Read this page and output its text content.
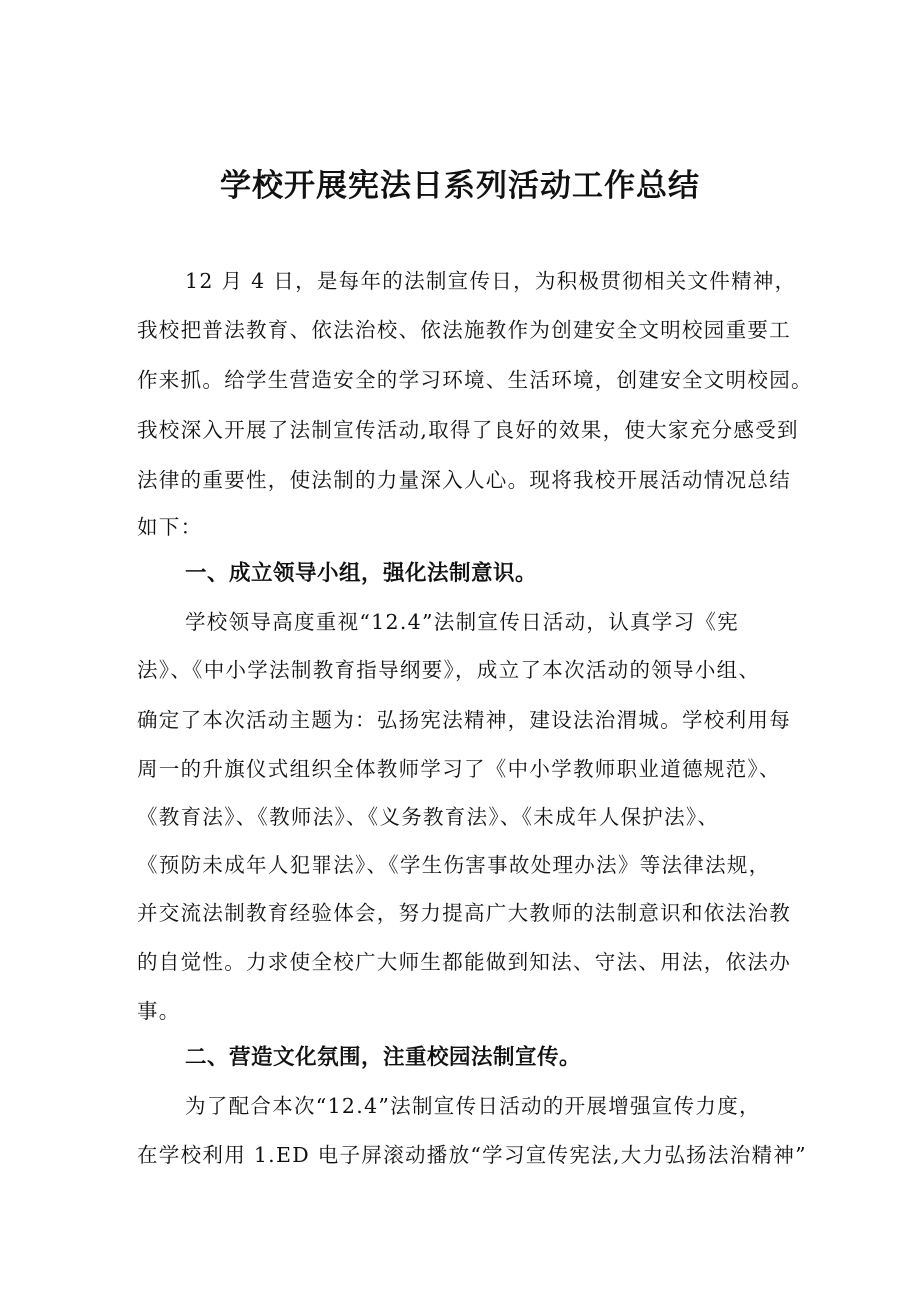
学校开展宪法日系列活动工作总结

12 月 4 日，是每年的法制宣传日，为积极贯彻相关文件精神，

我校把普法教育、依法治校、依法施教作为创建安全文明校园重要工

作来抓。给学生营造安全的学习环境、生活环境，创建安全文明校园。

我校深入开展了法制宣传活动,取得了良好的效果，使大家充分感受到

法律的重要性，使法制的力量深入人心。现将我校开展活动情况总结

如下：

一、成立领导小组，强化法制意识。

学校领导高度重视“12.4”法制宣传日活动，认真学习《宪

法》、《中小学法制教育指导纲要》，成立了本次活动的领导小组、

确定了本次活动主题为：弘扬宪法精神，建设法治渭城。学校利用每

周一的升旗仪式组织全体教师学习了《中小学教师职业道德规范》、

《教育法》、《教师法》、《义务教育法》、《未成年人保护法》、

《预防未成年人犯罪法》、《学生伤害事故处理办法》等法律法规，

并交流法制教育经验体会，努力提高广大教师的法制意识和依法治教

的自觉性。力求使全校广大师生都能做到知法、守法、用法，依法办

事。

二、营造文化氛围，注重校园法制宣传。

为了配合本次“12.4”法制宣传日活动的开展增强宣传力度，

在学校利用 1.ED 电子屏滚动播放“学习宣传宪法,大力弘扬法治精神”
